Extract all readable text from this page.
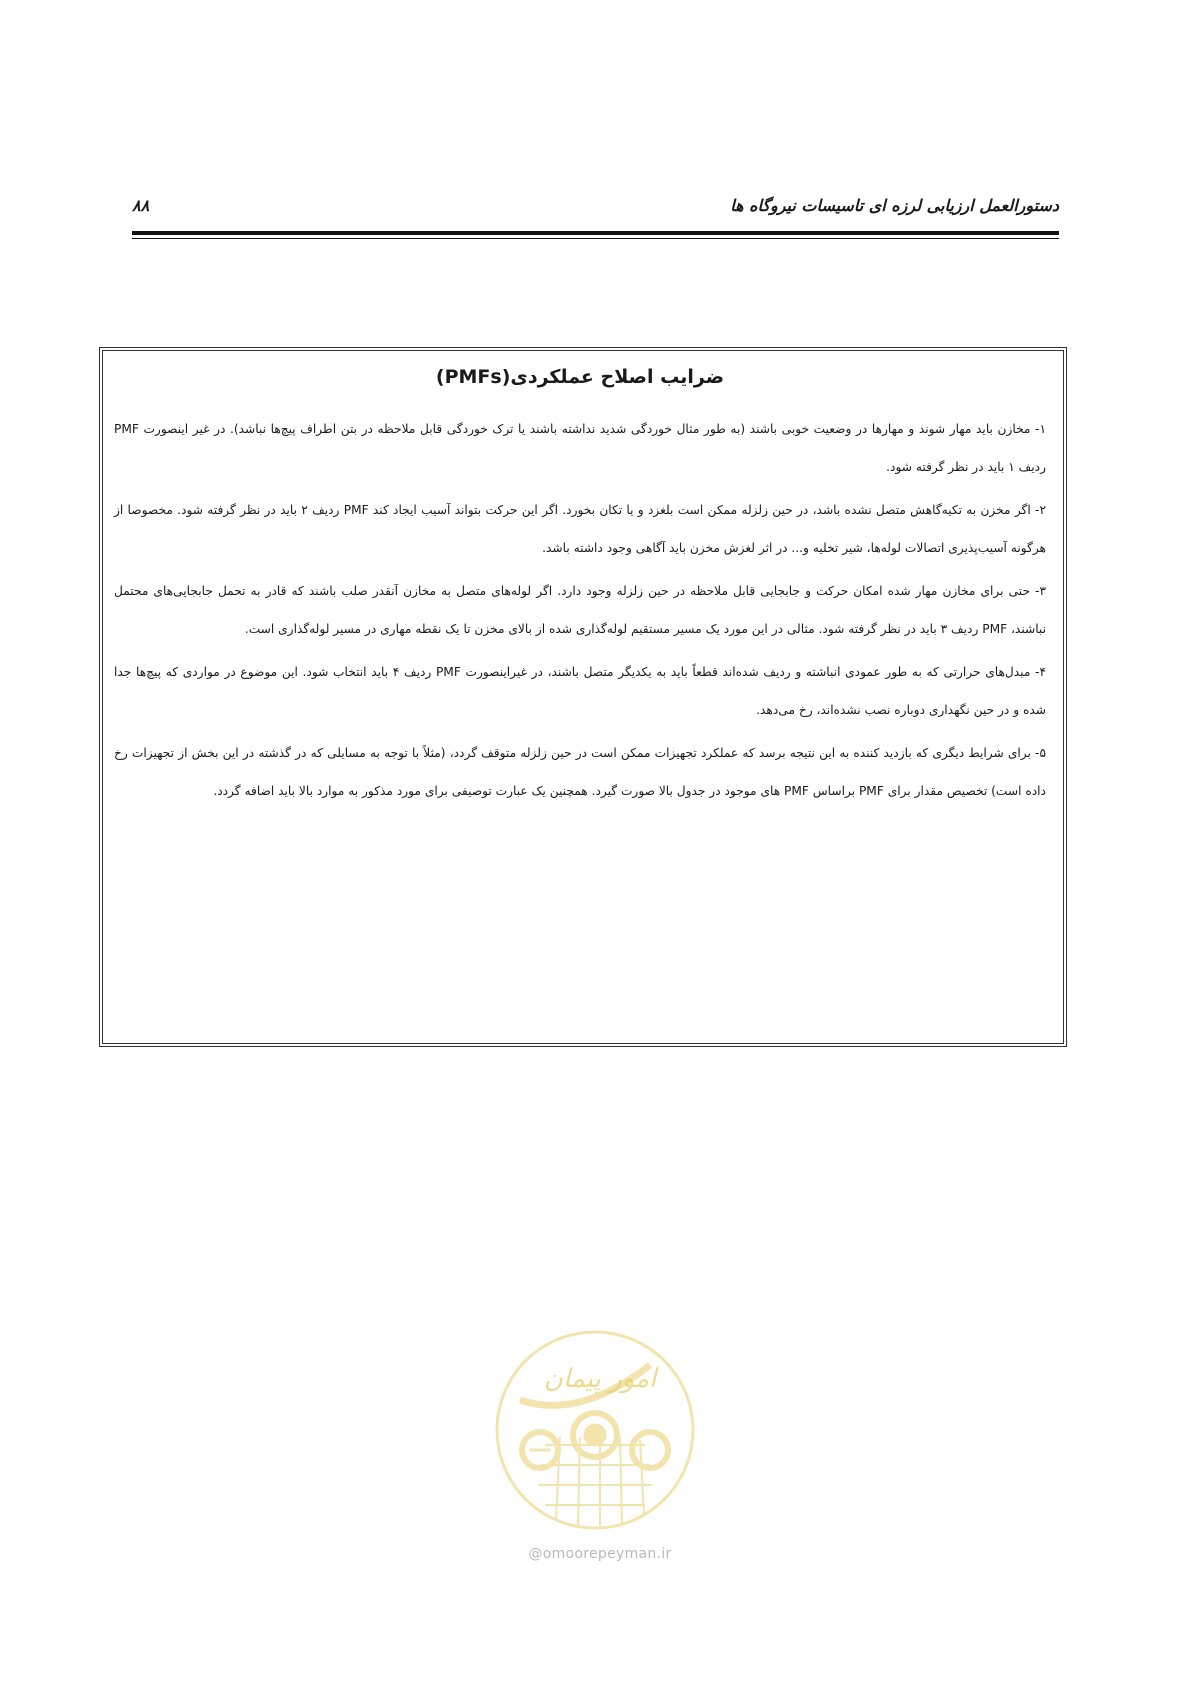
۸۸	دستورالعمل ارزیابی لرزه ای تاسیسات نیروگاه ها
ضرایب اصلاح عملکردی(PMFs)

۱- مخازن باید مهار شوند و مهارها در وضعیت خوبی باشند (به طور مثال خوردگی شدید نداشته باشند یا ترک خوردگی قابل ملاحظه در بتن اطراف پیچ‌ها نباشد). در غیر اینصورت PMF ردیف ۱ باید در نظر گرفته شود.

۲- اگر مخزن به تکیه‌گاهش متصل نشده باشد، در حین زلزله ممکن است بلغزد و یا تکان بخورد. اگر این حرکت بتواند آسیب ایجاد کند PMF ردیف ۲ باید در نظر گرفته شود. مخصوصا از هرگونه آسیب‌پذیری اتصالات لوله‌ها، شیر تخلیه و... در اثر لغزش مخزن باید آگاهی وجود داشته باشد.

۳- حتی برای مخازن مهار شده امکان حرکت و جابجایی قابل ملاحظه در حین زلزله وجود دارد. اگر لوله‌های متصل به مخازن آنقدر صلب باشند که قادر به تحمل جابجایی‌های محتمل نباشند، PMF ردیف ۳ باید در نظر گرفته شود. مثالی در این مورد یک مسیر مستقیم لوله‌گذاری شده از بالای مخزن تا یک نقطه مهاری در مسیر لوله‌گذاری است.

۴- مبدل‌های حرارتی که به طور عمودی انباشته و ردیف شده‌اند قطعاً باید به یکدیگر متصل باشند، در غیراینصورت PMF ردیف ۴ باید انتخاب شود. این موضوع در مواردی که پیچ‌ها جدا شده و در حین نگهداری دوباره نصب نشده‌اند، رخ می‌دهد.

۵- برای شرایط دیگری که بازدید کننده به این نتیجه برسد که عملکرد تجهیزات ممکن است در حین زلزله متوقف گردد، (مثلاً با توجه به مسایلی که در گذشته در این بخش از تجهیزات رخ داده است) تخصیص مقدار برای PMF براساس PMF های موجود در جدول بالا صورت گیرد. همچنین یک عبارت توصیفی برای مورد مذکور به موارد بالا باید اضافه گردد.

امور پیمان
@omoorepeyman.ir
